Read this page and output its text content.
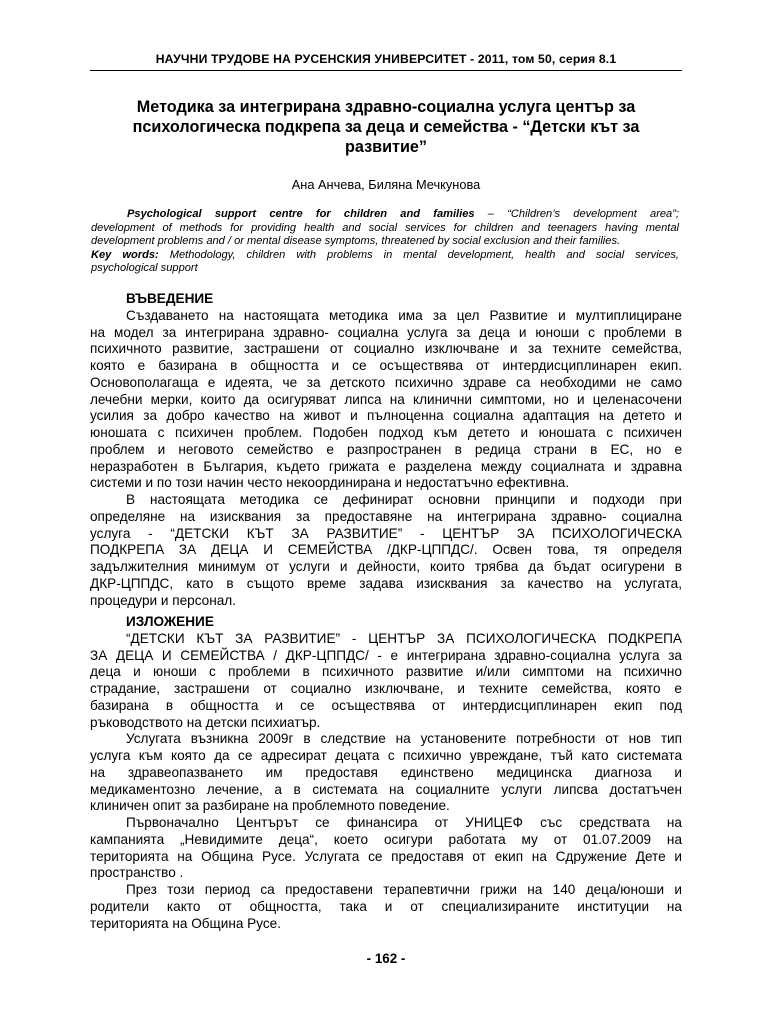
НАУЧНИ ТРУДОВЕ НА РУСЕНСКИЯ УНИВЕРСИТЕТ - 2011, том 50, серия 8.1
Методика за интегрирана здравно-социална услуга център за
психологическа подкрепа за деца и семейства - “Детски кът за
развитие”
Ана Анчева, Биляна Мечкунова
Psychological support centre for children and families – “Children’s development area”;
development of methods for providing health and social services for children and teenagers having mental
development problems and / or mental disease symptoms, threatened by social exclusion and their families.
Key words: Methodology, children with problems in mental development, health and social services,
psychological support
ВЪВЕДЕНИЕ
Създаването на настоящата методика има за цел Развитие и мултиплициране
на модел за интегрирана здравно- социална услуга за деца и юноши с проблеми в
психичното развитие, застрашени от социално изключване и за техните семейства,
която е базирана в общността и се осъществява от интердисциплинарен екип.
Основополагаща е идеята, че за детското психично здраве са необходими не само
лечебни мерки, които да осигуряват липса на клинични симптоми, но и целенасочени
усилия за добро качество на живот и пълноценна социална адаптация на детето и
юношата с психичен проблем. Подобен подход към детето и юношата с психичен
проблем и неговото семейство е разпространен в редица страни в ЕС, но е
неразработен в България, където грижата е разделена между социалната и здравна
системи и по този начин често некоординирана и недостатъчно ефективна.
В настоящата методика се дефинират основни принципи и подходи при
определяне на изисквания за предоставяне на интегрирана здравно- социална
услуга - “ДЕТСКИ КЪТ ЗА РАЗВИТИЕ” - ЦЕНТЪР ЗА ПСИХОЛОГИЧЕСКА
ПОДКРЕПА ЗА ДЕЦА И СЕМЕЙСТВА /ДКР-ЦППДС/. Освен това, тя определя
задължителния минимум от услуги и дейности, които трябва да бъдат осигурени в
ДКР-ЦППДС, като в същото време задава изисквания за качество на услугата,
процедури и персонал.
ИЗЛОЖЕНИЕ
“ДЕТСКИ КЪТ ЗА РАЗВИТИЕ” - ЦЕНТЪР ЗА ПСИХОЛОГИЧЕСКА ПОДКРЕПА
ЗА ДЕЦА И СЕМЕЙСТВА / ДКР-ЦППДС/ - е интегрирана здравно-социална услуга за
деца и юноши с проблеми в психичното развитие и/или симптоми на психично
страдание, застрашени от социално изключване, и техните семейства, която е
базирана в общността и се осъществява от интердисциплинарен екип под
ръководството на детски психиатър.
Услугата възникна 2009г в следствие на установените потребности от нов тип
услуга към която да се адресират децата с психично увреждане, тъй като системата
на здравеопазването им предоставя единствено медицинска диагноза и
медикаментозно лечение, а в системата на социалните услуги липсва достатъчен
клиничен опит за разбиране на проблемното поведение.
Първоначално Центърът се финансира от УНИЦЕФ със средствата на
кампанията „Невидимите деца“, което осигури работата му от 01.07.2009 на
територията на Община Русе. Услугата се предоставя от екип на Сдружение Дете и
пространство .
През този период са предоставени терапевтични грижи на 140 деца/юноши и
родители както от общността, така и от специализираните институции на
територията на Община Русе.
- 162 -
